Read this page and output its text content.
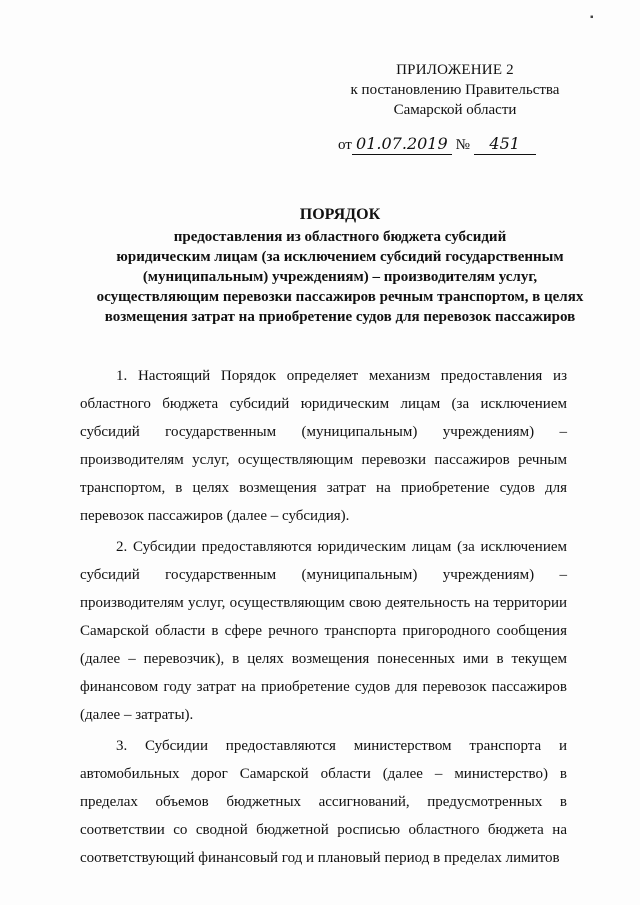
ПРИЛОЖЕНИЕ 2
к постановлению Правительства
Самарской области
от 01.07.2019 № 451
ПОРЯДОК
предоставления из областного бюджета субсидий
юридическим лицам (за исключением субсидий государственным
(муниципальным) учреждениям) – производителям услуг,
осуществляющим перевозки пассажиров речным транспортом, в целях
возмещения затрат на приобретение судов для перевозок пассажиров

1. Настоящий Порядок определяет механизм предоставления из областного бюджета субсидий юридическим лицам (за исключением субсидий государственным (муниципальным) учреждениям) – производителям услуг, осуществляющим перевозки пассажиров речным транспортом, в целях возмещения затрат на приобретение судов для перевозок пассажиров (далее – субсидия).

2. Субсидии предоставляются юридическим лицам (за исключением субсидий государственным (муниципальным) учреждениям) – производителям услуг, осуществляющим свою деятельность на территории Самарской области в сфере речного транспорта пригородного сообщения (далее – перевозчик), в целях возмещения понесенных ими в текущем финансовом году затрат на приобретение судов для перевозок пассажиров (далее – затраты).

3. Субсидии предоставляются министерством транспорта и автомобильных дорог Самарской области (далее – министерство) в пределах объемов бюджетных ассигнований, предусмотренных в соответствии со сводной бюджетной росписью областного бюджета на соответствующий финансовый год и плановый период в пределах лимитов

▪
